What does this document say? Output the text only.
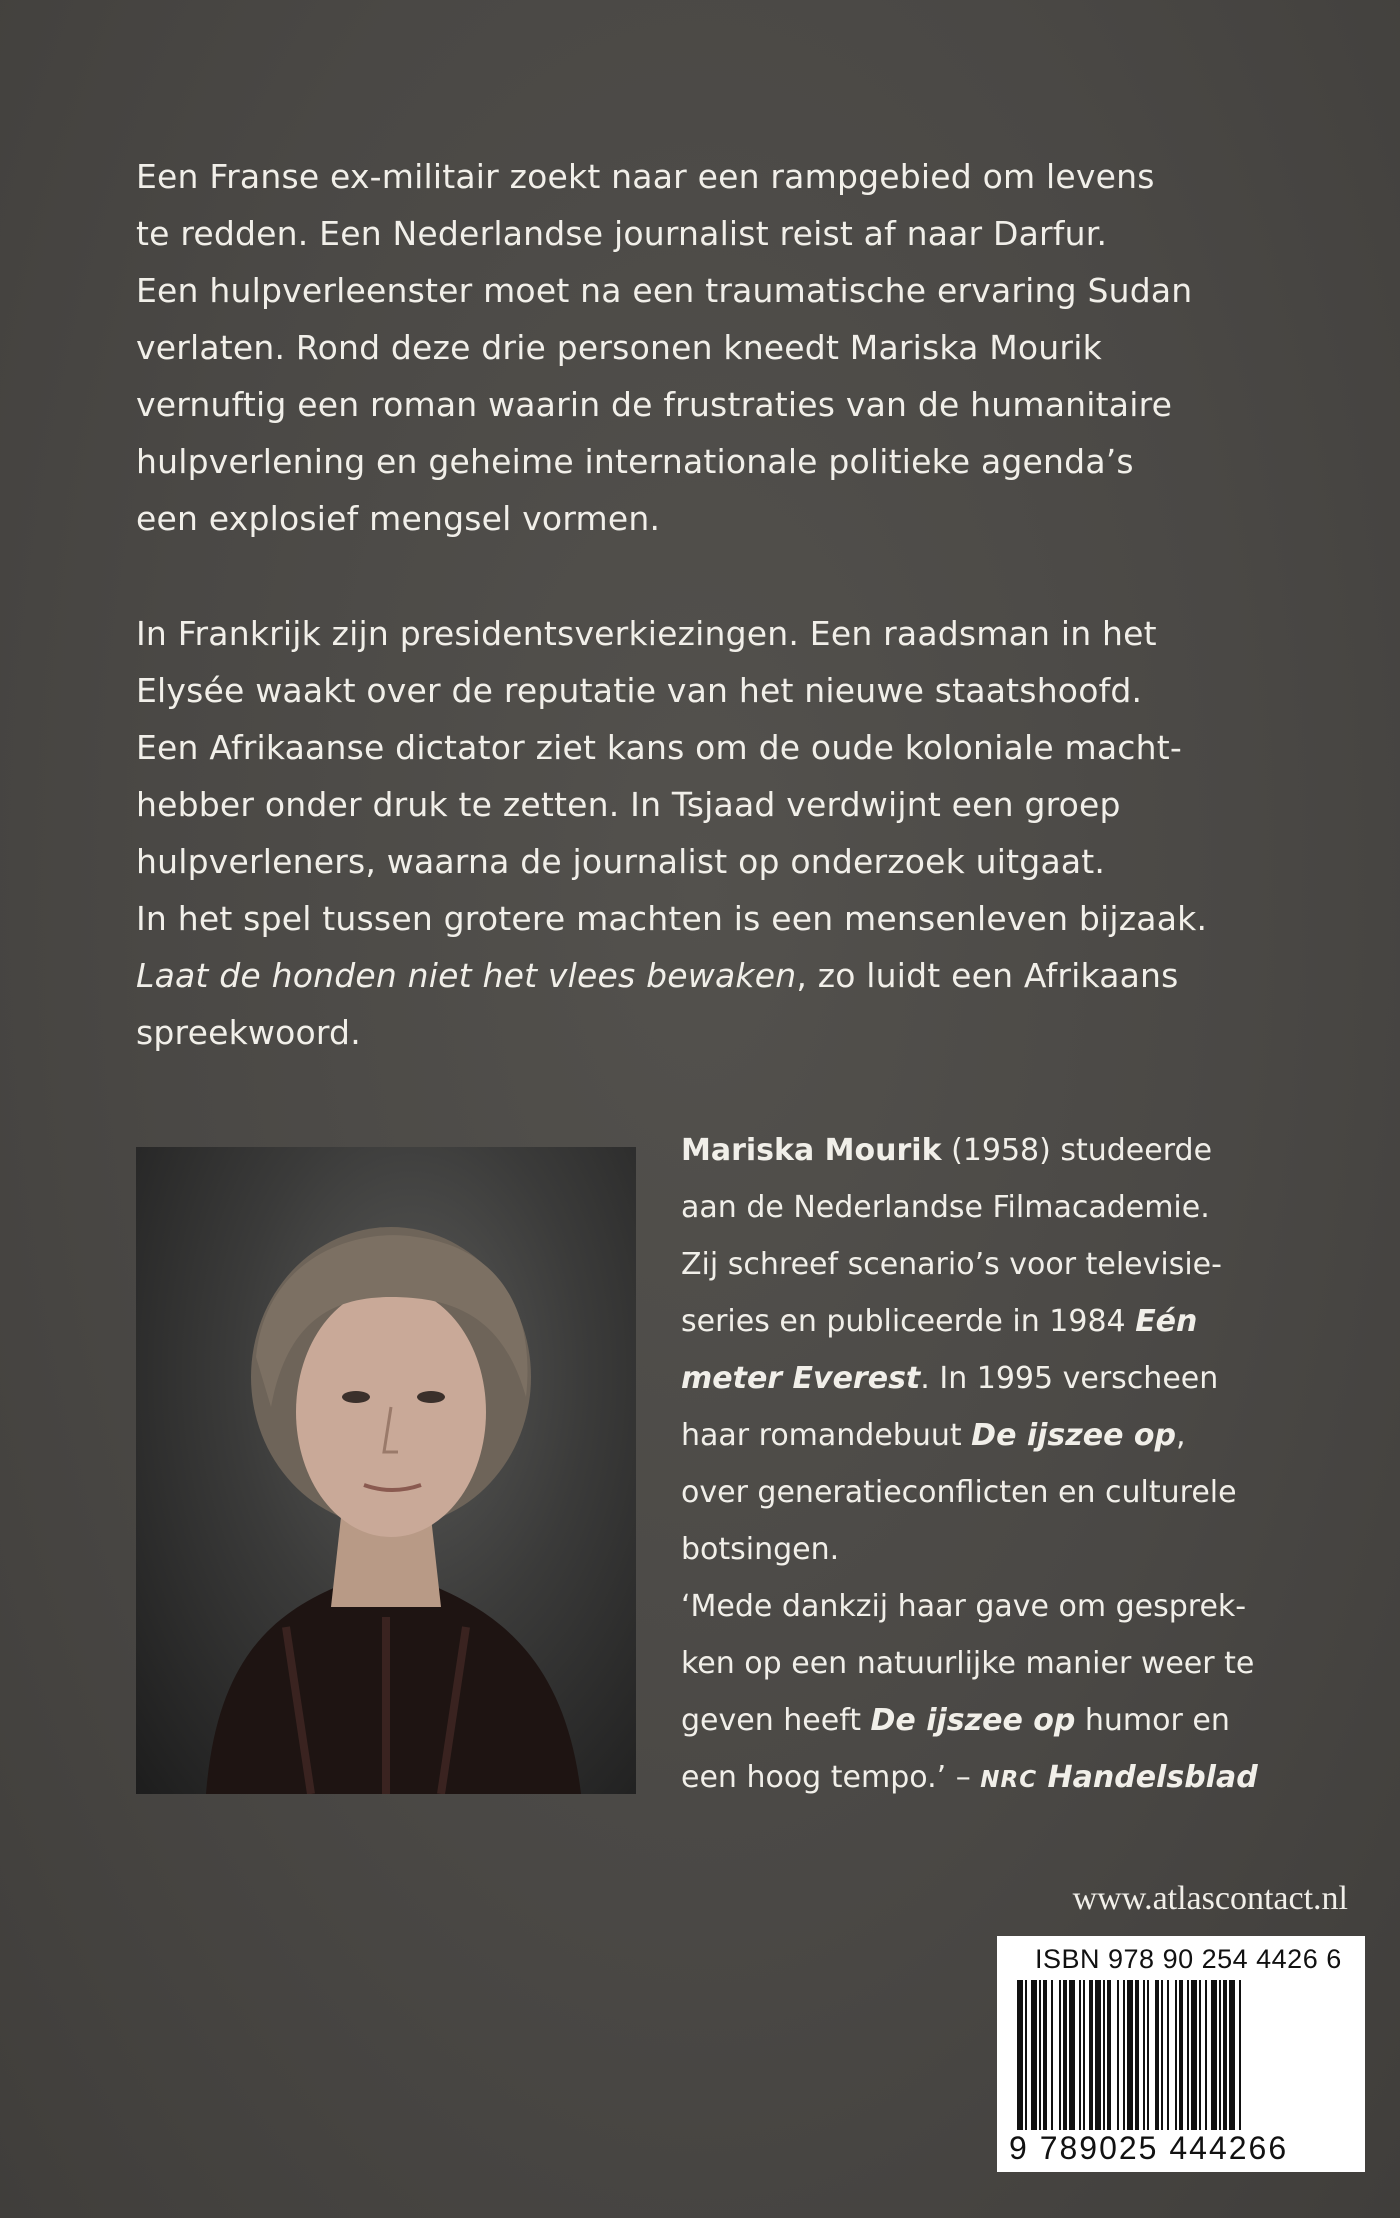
Een Franse ex-militair zoekt naar een rampgebied om levens
te redden. Een Nederlandse journalist reist af naar Darfur.
Een hulpverleenster moet na een traumatische ervaring Sudan
verlaten. Rond deze drie personen kneedt Mariska Mourik
vernuftig een roman waarin de frustraties van de humanitaire
hulpverlening en geheime internationale politieke agenda’s
een explosief mengsel vormen.
In Frankrijk zijn presidentsverkiezingen. Een raadsman in het
Elysée waakt over de reputatie van het nieuwe staatshoofd.
Een Afrikaanse dictator ziet kans om de oude koloniale macht-
hebber onder druk te zetten. In Tsjaad verdwijnt een groep
hulpverleners, waarna de journalist op onderzoek uitgaat.
In het spel tussen grotere machten is een mensenleven bijzaak.
Laat de honden niet het vlees bewaken, zo luidt een Afrikaans
spreekwoord.
Mariska Mourik (1958) studeerde
aan de Nederlandse Filmacademie.
Zij schreef scenario’s voor televisie-
series en publiceerde in 1984 Eén
meter Everest. In 1995 verscheen
haar romandebuut De ijszee op,
over generatieconflicten en culturele
botsingen.
‘Mede dankzij haar gave om gesprek-
ken op een natuurlijke manier weer te
geven heeft De ijszee op humor en
een hoog tempo.’ – NRC Handelsblad
www.atlascontact.nl
ISBN 978 90 254 4426 6
9 789025 444266
